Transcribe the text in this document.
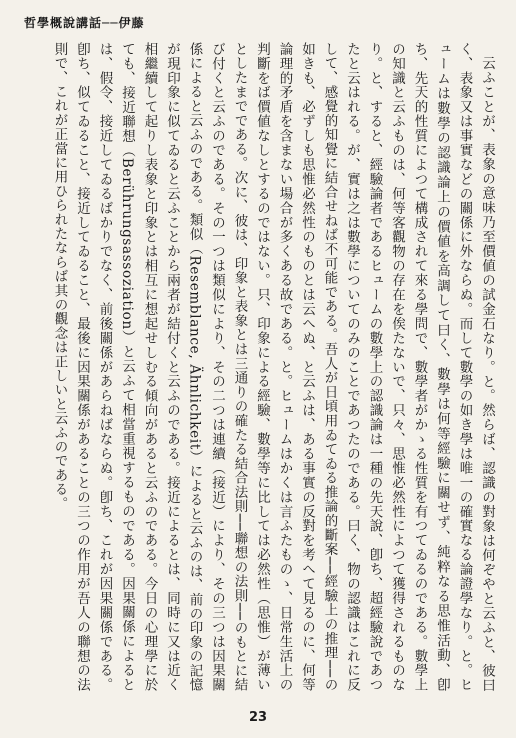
哲學概說講話──伊藤

云ふことが、表象の意味乃至價値の試金石なり。と。然らば、認識の對象は何ぞやと云ふと、彼曰く、表象又は事實などの關係に外ならぬ。而して數學の如き學は唯一の確實なる論證學なり。と。ヒュームは數學の認識論上の價値を高調して曰く、數學は何等經驗に關せず、純粹なる思惟活動、卽ち、先天的性質によつて構成されて來る學問で、數學者がかゝる性質を有つてゐるのである。數學上の知識と云ふものは、何等客觀物の存在を俟たないで、只々、思惟必然性によつて獲得されるものなり。と、すると、經驗論者であるヒュームの數學上の認識論は一種の先天說、卽ち、超經驗說であつたと云はれる。が、實は之は數學についてのみのことであつたのである。曰く、物の認識はこれに反して、感覺的知覺に結合せねば不可能である。吾人が日頃用ゐてゐる推論的斷案──經驗上の推理──の如きも、必ずしも思惟必然性のものとは云へぬ、と云ふは、ある事實の反對を考へて見るのに、何等論理的矛盾を含まない場合が多くある故である。と。ヒュームはかくは言ふたものゝ、日常生活上の判斷をば價値なしとするのではない。只、印象による經驗、數學等に比しては必然性（思惟）が薄いとしたまでである。次に、彼は、印象と表象とは三通りの確たる結合法則──聯想の法則──のもとに結び付くと云ふのである。その一つは類似により、その二つは連續（接近）により、その三つは因果關係によると云ふのである。類似（Resemblance, Ähnlichkeit）によると云ふのは、前の印象の記憶が現印象に似てゐると云ふことから兩者が結付くと云ふのである。接近によるとは、同時に又は近く相繼續して起りし表象と印象とは相互に想起せしむる傾向があると云ふのである。今日の心理學に於ても、接近聯想（Berührungsassoziation）と云ふて相當重視するものである。因果關係によるとは、假令、接近してゐるばかりでなく、前後關係があらねばならぬ。卽ち、これが因果關係である。卽ち、似てゐること、接近してゐること、最後に因果關係があることの三つの作用が吾人の聯想の法則で、これが正當に用ひられたならば其の觀念は正しいと云ふのである。

23
